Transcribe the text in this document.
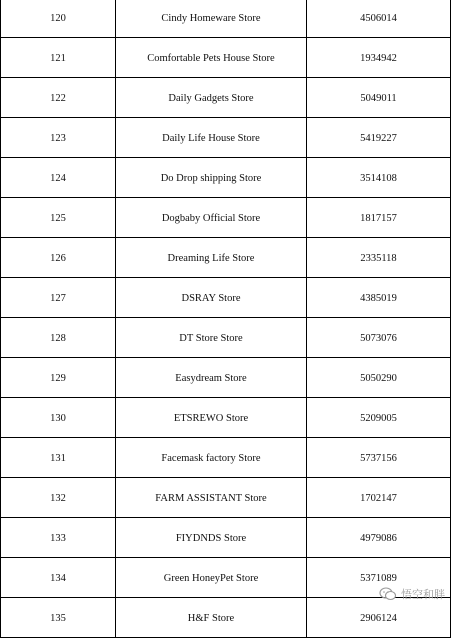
120	Cindy Homeware Store	4506014
121	Comfortable Pets House Store	1934942
122	Daily Gadgets Store	5049011
123	Daily Life House Store	5419227
124	Do Drop shipping Store	3514108
125	Dogbaby Official Store	1817157
126	Dreaming Life Store	2335118
127	DSRAY Store	4385019
128	DT Store Store	5073076
129	Easydream Store	5050290
130	ETSREWO Store	5209005
131	Facemask factory Store	5737156
132	FARM ASSISTANT Store	1702147
133	FIYDNDS Store	4979086
134	Green HoneyPet Store	5371089
135	H&F Store	2906124
悟空和胖
